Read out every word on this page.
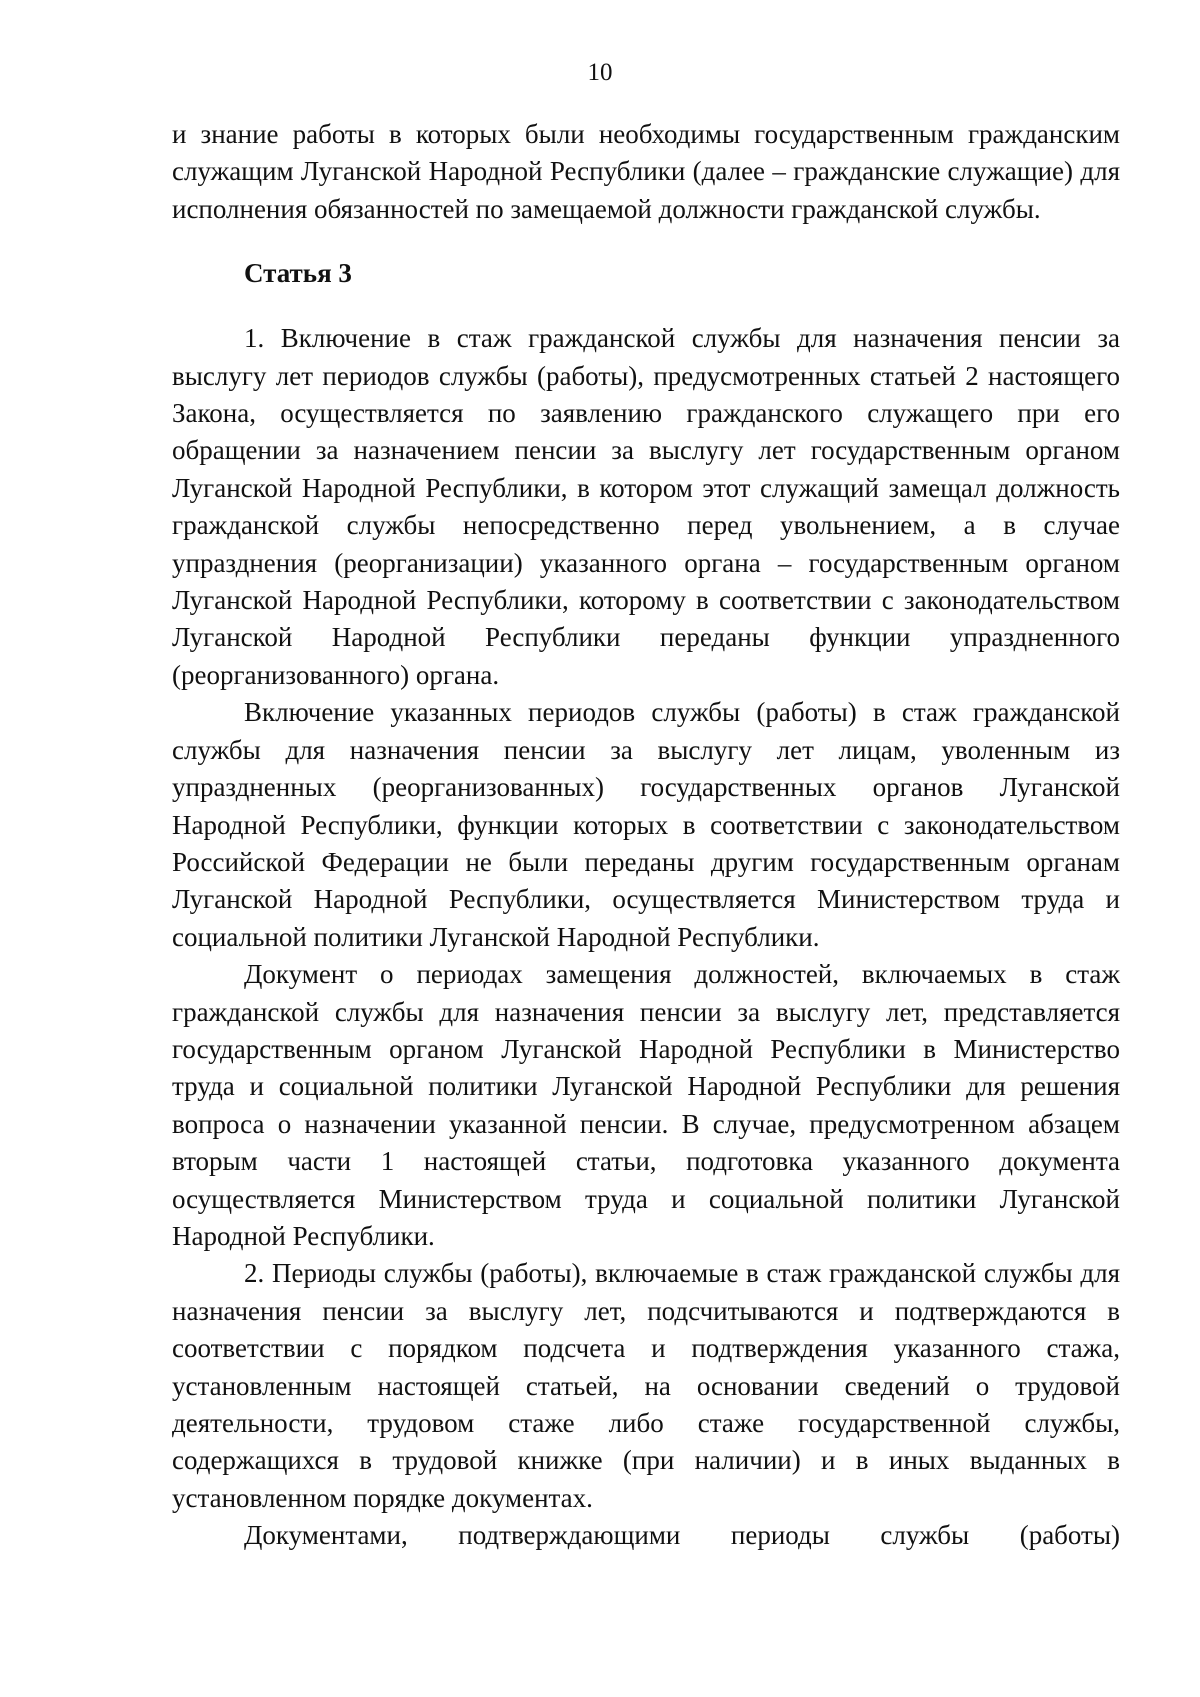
10

и знание работы в которых были необходимы государственным гражданским служащим Луганской Народной Республики (далее – гражданские служащие) для исполнения обязанностей по замещаемой должности гражданской службы.

Статья 3

1. Включение в стаж гражданской службы для назначения пенсии за выслугу лет периодов службы (работы), предусмотренных статьей 2 настоящего Закона, осуществляется по заявлению гражданского служащего при его обращении за назначением пенсии за выслугу лет государственным органом Луганской Народной Республики, в котором этот служащий замещал должность гражданской службы непосредственно перед увольнением, а в случае упразднения (реорганизации) указанного органа – государственным органом Луганской Народной Республики, которому в соответствии с законодательством Луганской Народной Республики переданы функции упраздненного (реорганизованного) органа.

Включение указанных периодов службы (работы) в стаж гражданской службы для назначения пенсии за выслугу лет лицам, уволенным из упраздненных (реорганизованных) государственных органов Луганской Народной Республики, функции которых в соответствии с законодательством Российской Федерации не были переданы другим государственным органам Луганской Народной Республики, осуществляется Министерством труда и социальной политики Луганской Народной Республики.

Документ о периодах замещения должностей, включаемых в стаж гражданской службы для назначения пенсии за выслугу лет, представляется государственным органом Луганской Народной Республики в Министерство труда и социальной политики Луганской Народной Республики для решения вопроса о назначении указанной пенсии. В случае, предусмотренном абзацем вторым части 1 настоящей статьи, подготовка указанного документа осуществляется Министерством труда и социальной политики Луганской Народной Республики.

2. Периоды службы (работы), включаемые в стаж гражданской службы для назначения пенсии за выслугу лет, подсчитываются и подтверждаются в соответствии с порядком подсчета и подтверждения указанного стажа, установленным настоящей статьей, на основании сведений о трудовой деятельности, трудовом стаже либо стаже государственной службы, содержащихся в трудовой книжке (при наличии) и в иных выданных в установленном порядке документах.

Документами, подтверждающими периоды службы (работы)
